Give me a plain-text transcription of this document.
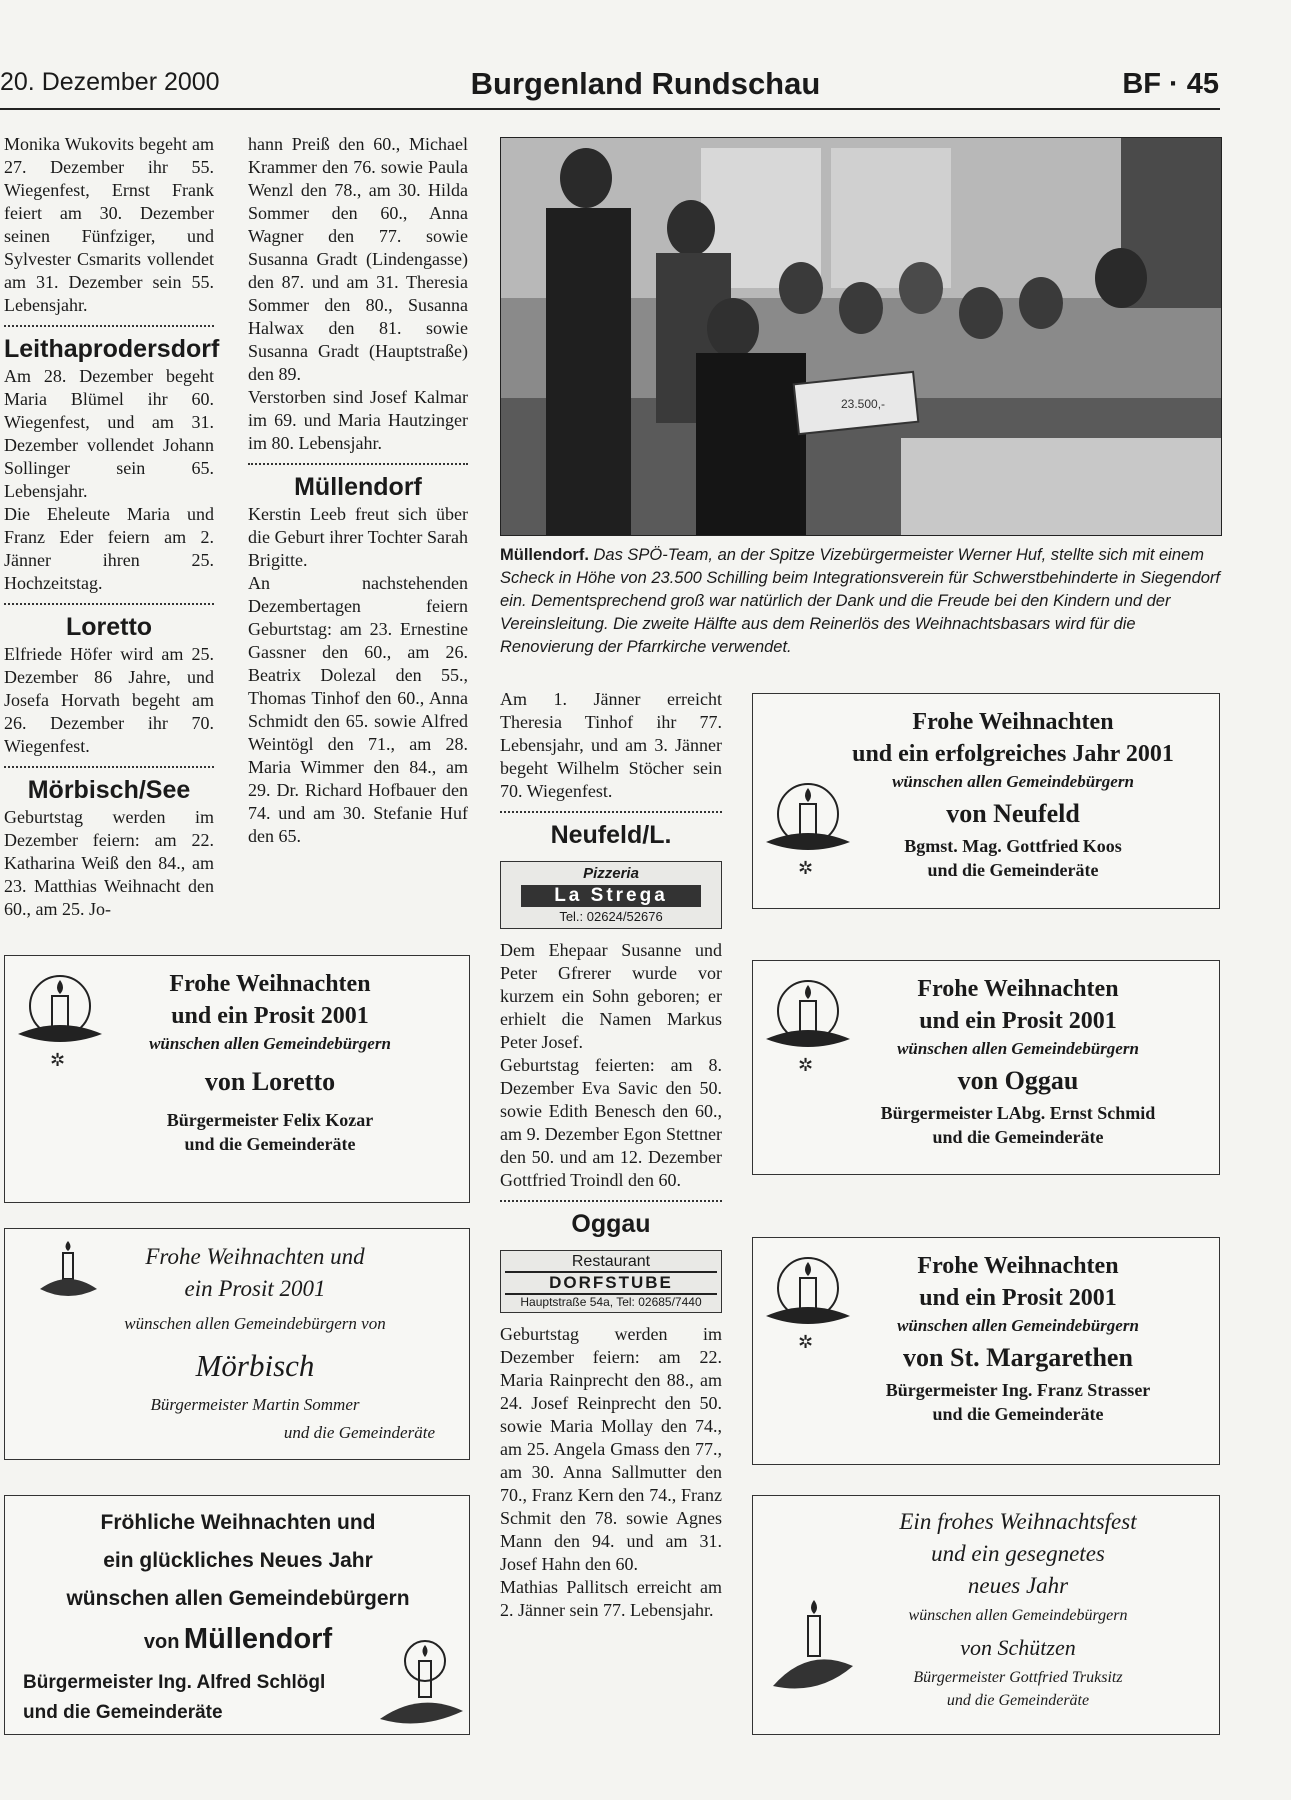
20. Dezember 2000	Burgenland Rundschau	BF · 45

Monika Wukovits begeht am 27. Dezember ihr 55. Wiegenfest, Ernst Frank feiert am 30. Dezember seinen Fünfziger, und Sylvester Csmarits vollendet am 31. Dezember sein 55. Lebensjahr.

Leithaprodersdorf

Am 28. Dezember begeht Maria Blümel ihr 60. Wiegenfest, und am 31. Dezember vollendet Johann Sollinger sein 65. Lebensjahr.

Die Eheleute Maria und Franz Eder feiern am 2. Jänner ihren 25. Hochzeitstag.

Loretto

Elfriede Höfer wird am 25. Dezember 86 Jahre, und Josefa Horvath begeht am 26. Dezember ihr 70. Wiegenfest.

Mörbisch/See

Geburtstag werden im Dezember feiern: am 22. Katharina Weiß den 84., am 23. Matthias Weihnacht den 60., am 25. Jo-

hann Preiß den 60., Michael Krammer den 76. sowie Paula Wenzl den 78., am 30. Hilda Sommer den 60., Anna Wagner den 77. sowie Susanna Gradt (Lindengasse) den 87. und am 31. Theresia Sommer den 80., Susanna Halwax den 81. sowie Susanna Gradt (Hauptstraße) den 89.

Verstorben sind Josef Kalmar im 69. und Maria Hautzinger im 80. Lebensjahr.

Müllendorf

Kerstin Leeb freut sich über die Geburt ihrer Tochter Sarah Brigitte.

An nachstehenden Dezembertagen feiern Geburtstag: am 23. Ernestine Gassner den 60., am 26. Beatrix Dolezal den 55., Thomas Tinhof den 60., Anna Schmidt den 65. sowie Alfred Weintögl den 71., am 28. Maria Wimmer den 84., am 29. Dr. Richard Hofbauer den 74. und am 30. Stefanie Huf den 65.

23.500,-
Müllendorf. Das SPÖ-Team, an der Spitze Vizebürgermeister Werner Huf, stellte sich mit einem Scheck in Höhe von 23.500 Schilling beim Integrationsverein für Schwerstbehinderte in Siegendorf ein. Dementsprechend groß war natürlich der Dank und die Freude bei den Kindern und der Vereinsleitung. Die zweite Hälfte aus dem Reinerlös des Weihnachtsbasars wird für die Renovierung der Pfarrkirche verwendet.

Am 1. Jänner erreicht Theresia Tinhof ihr 77. Lebensjahr, und am 3. Jänner begeht Wilhelm Stöcher sein 70. Wiegenfest.

Neufeld/L.
Pizzeria
La Strega
Tel.: 02624/52676

Dem Ehepaar Susanne und Peter Gfrerer wurde vor kurzem ein Sohn geboren; er erhielt die Namen Markus Peter Josef.

Geburtstag feierten: am 8. Dezember Eva Savic den 50. sowie Edith Benesch den 60., am 9. Dezember Egon Stettner den 50. und am 12. Dezember Gottfried Troindl den 60.

Oggau
Restaurant
DORFSTUBE
Hauptstraße 54a, Tel: 02685/7440

Geburtstag werden im Dezember feiern: am 22. Maria Rainprecht den 88., am 24. Josef Reinprecht den 50. sowie Maria Mollay den 74., am 25. Angela Gmass den 77., am 30. Anna Sallmutter den 70., Franz Kern den 74., Franz Schmit den 78. sowie Agnes Mann den 94. und am 31. Josef Hahn den 60.

Mathias Pallitsch erreicht am 2. Jänner sein 77. Lebensjahr.

✲
Frohe Weihnachten
und ein erfolgreiches Jahr 2001
wünschen allen Gemeindebürgern
von Neufeld
Bgmst. Mag. Gottfried Koos
und die Gemeinderäte
✲
Frohe Weihnachten
und ein Prosit 2001
wünschen allen Gemeindebürgern
von Oggau
Bürgermeister LAbg. Ernst Schmid
und die Gemeinderäte
✲
Frohe Weihnachten
und ein Prosit 2001
wünschen allen Gemeindebürgern
von St. Margarethen
Bürgermeister Ing. Franz Strasser
und die Gemeinderäte
Ein frohes Weihnachtsfest
und ein gesegnetes
neues Jahr
wünschen allen Gemeindebürgern
von Schützen
Bürgermeister Gottfried Truksitz
und die Gemeinderäte
✲
Frohe Weihnachten
und ein Prosit 2001
wünschen allen Gemeindebürgern
von Loretto
Bürgermeister Felix Kozar
und die Gemeinderäte
Frohe Weihnachten und
ein Prosit 2001
wünschen allen Gemeindebürgern von
Mörbisch
Bürgermeister Martin Sommer
und die Gemeinderäte
Fröhliche Weihnachten und
ein glückliches Neues Jahr
wünschen allen Gemeindebürgern
von Müllendorf
Bürgermeister Ing. Alfred Schlögl
und die Gemeinderäte
